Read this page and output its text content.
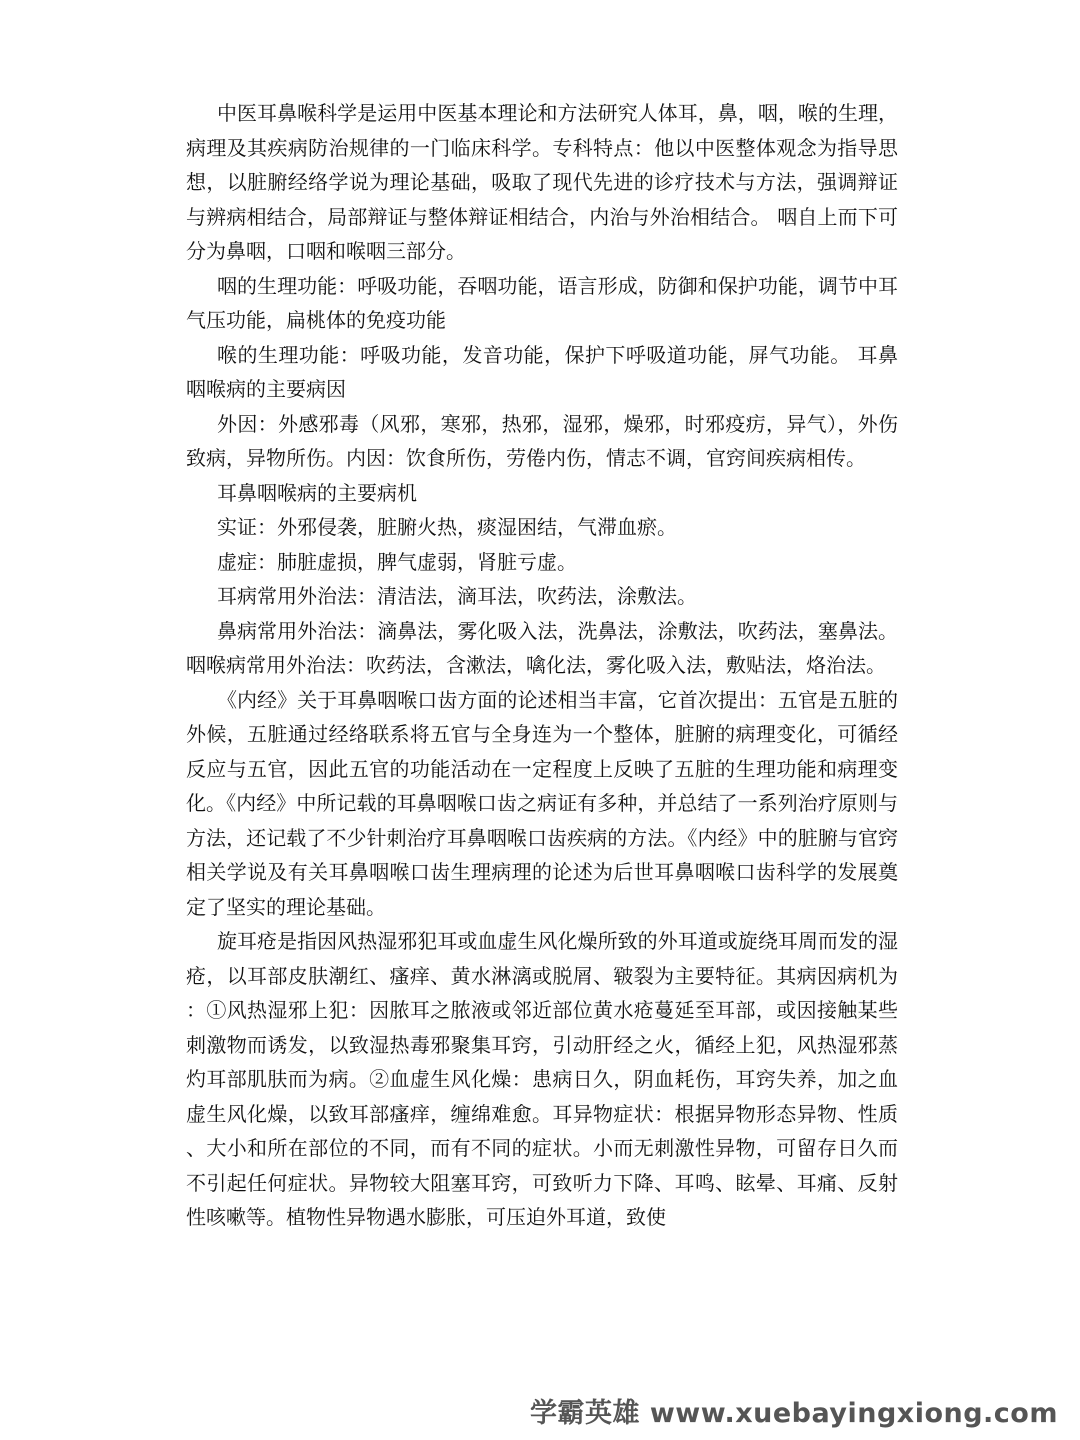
中医耳鼻喉科学是运用中医基本理论和方法研究人体耳，鼻，咽，喉的生理，病理及其疾病防治规律的一门临床科学。专科特点：他以中医整体观念为指导思想，以脏腑经络学说为理论基础，吸取了现代先进的诊疗技术与方法，强调辩证与辨病相结合，局部辩证与整体辩证相结合，内治与外治相结合。 咽自上而下可分为鼻咽，口咽和喉咽三部分。

咽的生理功能：呼吸功能，吞咽功能，语言形成，防御和保护功能，调节中耳气压功能，扁桃体的免疫功能

喉的生理功能：呼吸功能，发音功能，保护下呼吸道功能，屏气功能。 耳鼻咽喉病的主要病因

外因：外感邪毒（风邪，寒邪，热邪，湿邪，燥邪，时邪疫疠，异气），外伤致病，异物所伤。内因：饮食所伤，劳倦内伤，情志不调，官窍间疾病相传。

耳鼻咽喉病的主要病机

实证：外邪侵袭，脏腑火热，痰湿困结，气滞血瘀。

虚症：肺脏虚损，脾气虚弱，肾脏亏虚。

耳病常用外治法：清洁法，滴耳法，吹药法，涂敷法。

鼻病常用外治法：滴鼻法，雾化吸入法，洗鼻法，涂敷法，吹药法，塞鼻法。 咽喉病常用外治法：吹药法，含漱法，噙化法，雾化吸入法，敷贴法，烙治法。

《内经》关于耳鼻咽喉口齿方面的论述相当丰富，它首次提出：五官是五脏的外候，五脏通过经络联系将五官与全身连为一个整体，脏腑的病理变化，可循经反应与五官，因此五官的功能活动在一定程度上反映了五脏的生理功能和病理变化。《内经》中所记载的耳鼻咽喉口齿之病证有多种，并总结了一系列治疗原则与方法，还记载了不少针刺治疗耳鼻咽喉口齿疾病的方法。《内经》中的脏腑与官窍相关学说及有关耳鼻咽喉口齿生理病理的论述为后世耳鼻咽喉口齿科学的发展奠定了坚实的理论基础。

旋耳疮是指因风热湿邪犯耳或血虚生风化燥所致的外耳道或旋绕耳周而发的湿疮，以耳部皮肤潮红、瘙痒、黄水淋漓或脱屑、皲裂为主要特征。其病因病机为：①风热湿邪上犯：因脓耳之脓液或邻近部位黄水疮蔓延至耳部，或因接触某些刺激物而诱发，以致湿热毒邪聚集耳窍，引动肝经之火，循经上犯，风热湿邪蒸灼耳部肌肤而为病。②血虚生风化燥：患病日久，阴血耗伤，耳窍失养，加之血虚生风化燥，以致耳部瘙痒，缠绵难愈。耳异物症状：根据异物形态异物、性质、大小和所在部位的不同，而有不同的症状。小而无刺激性异物，可留存日久而不引起任何症状。异物较大阻塞耳窍，可致听力下降、耳鸣、眩晕、耳痛、反射性咳嗽等。植物性异物遇水膨胀，可压迫外耳道，致使

学霸英雄 www.xuebayingxiong.com
